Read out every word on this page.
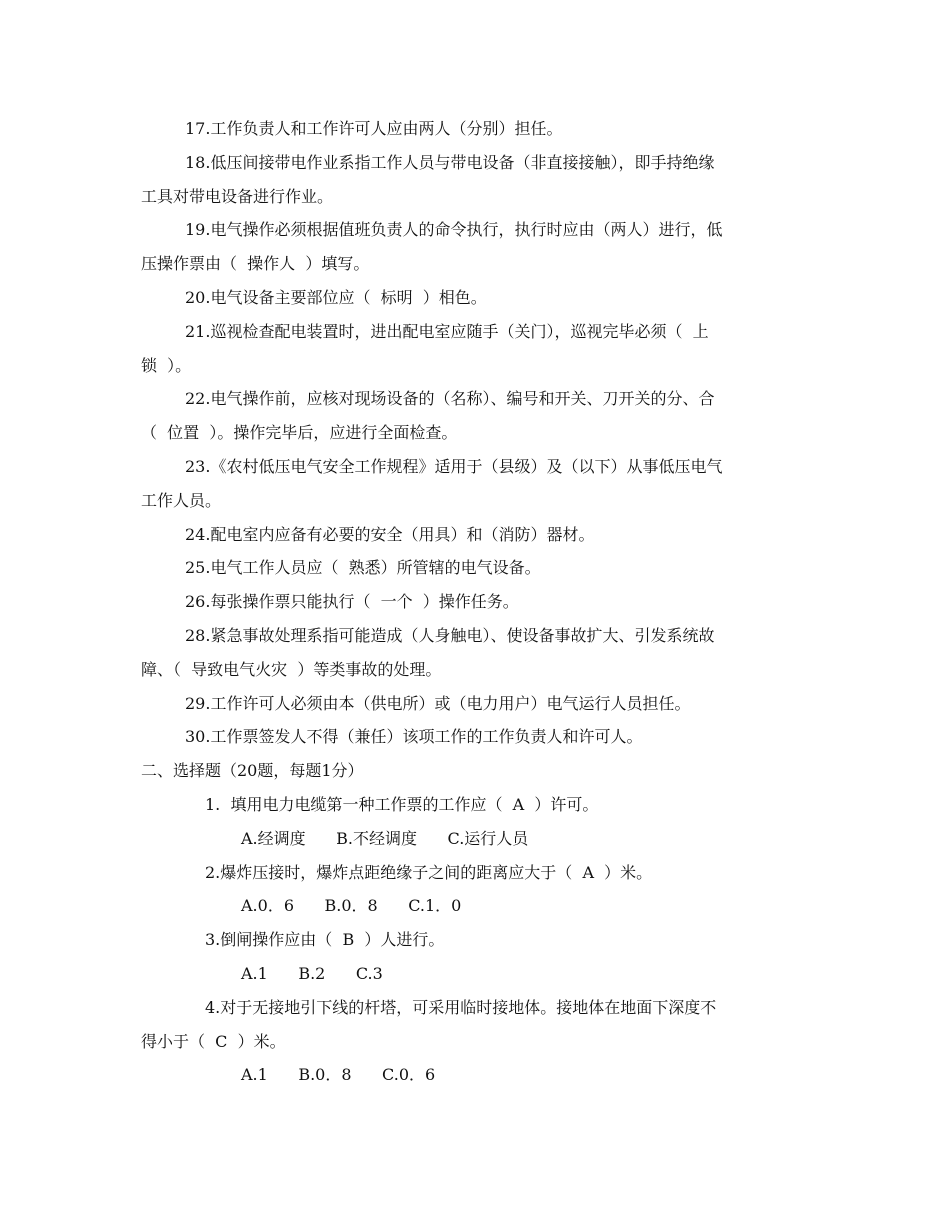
17.工作负责人和工作许可人应由两人（分别）担任。
18.低压间接带电作业系指工作人员与带电设备（非直接接触），即手持绝缘
工具对带电设备进行作业。
19.电气操作必须根据值班负责人的命令执行，执行时应由（两人）进行，低
压操作票由（  操作人  ）填写。
20.电气设备主要部位应（  标明  ）相色。
21.巡视检查配电装置时，进出配电室应随手（关门），巡视完毕必须（  上
锁  ）。
22.电气操作前，应核对现场设备的（名称）、编号和开关、刀开关的分、合
（  位置  ）。操作完毕后，应进行全面检查。
23.《农村低压电气安全工作规程》适用于（县级）及（以下）从事低压电气
工作人员。
24.配电室内应备有必要的安全（用具）和（消防）器材。
25.电气工作人员应（  熟悉）所管辖的电气设备。
26.每张操作票只能执行（  一个  ）操作任务。
28.紧急事故处理系指可能造成（人身触电）、使设备事故扩大、引发系统故
障、（  导致电气火灾  ）等类事故的处理。
29.工作许可人必须由本（供电所）或（电力用户）电气运行人员担任。
30.工作票签发人不得（兼任）该项工作的工作负责人和许可人。
二、选择题（20题，每题1分）
1.  填用电力电缆第一种工作票的工作应（  A  ）许可。
A.经调度      B.不经调度      C.运行人员
2.爆炸压接时，爆炸点距绝缘子之间的距离应大于（  A  ）米。
A.0．6      B.0．8      C.1．0
3.倒闸操作应由（  B  ）人进行。
A.1      B.2      C.3
4.对于无接地引下线的杆塔，可采用临时接地体。接地体在地面下深度不
得小于（  C  ）米。
A.1      B.0．8      C.0．6
